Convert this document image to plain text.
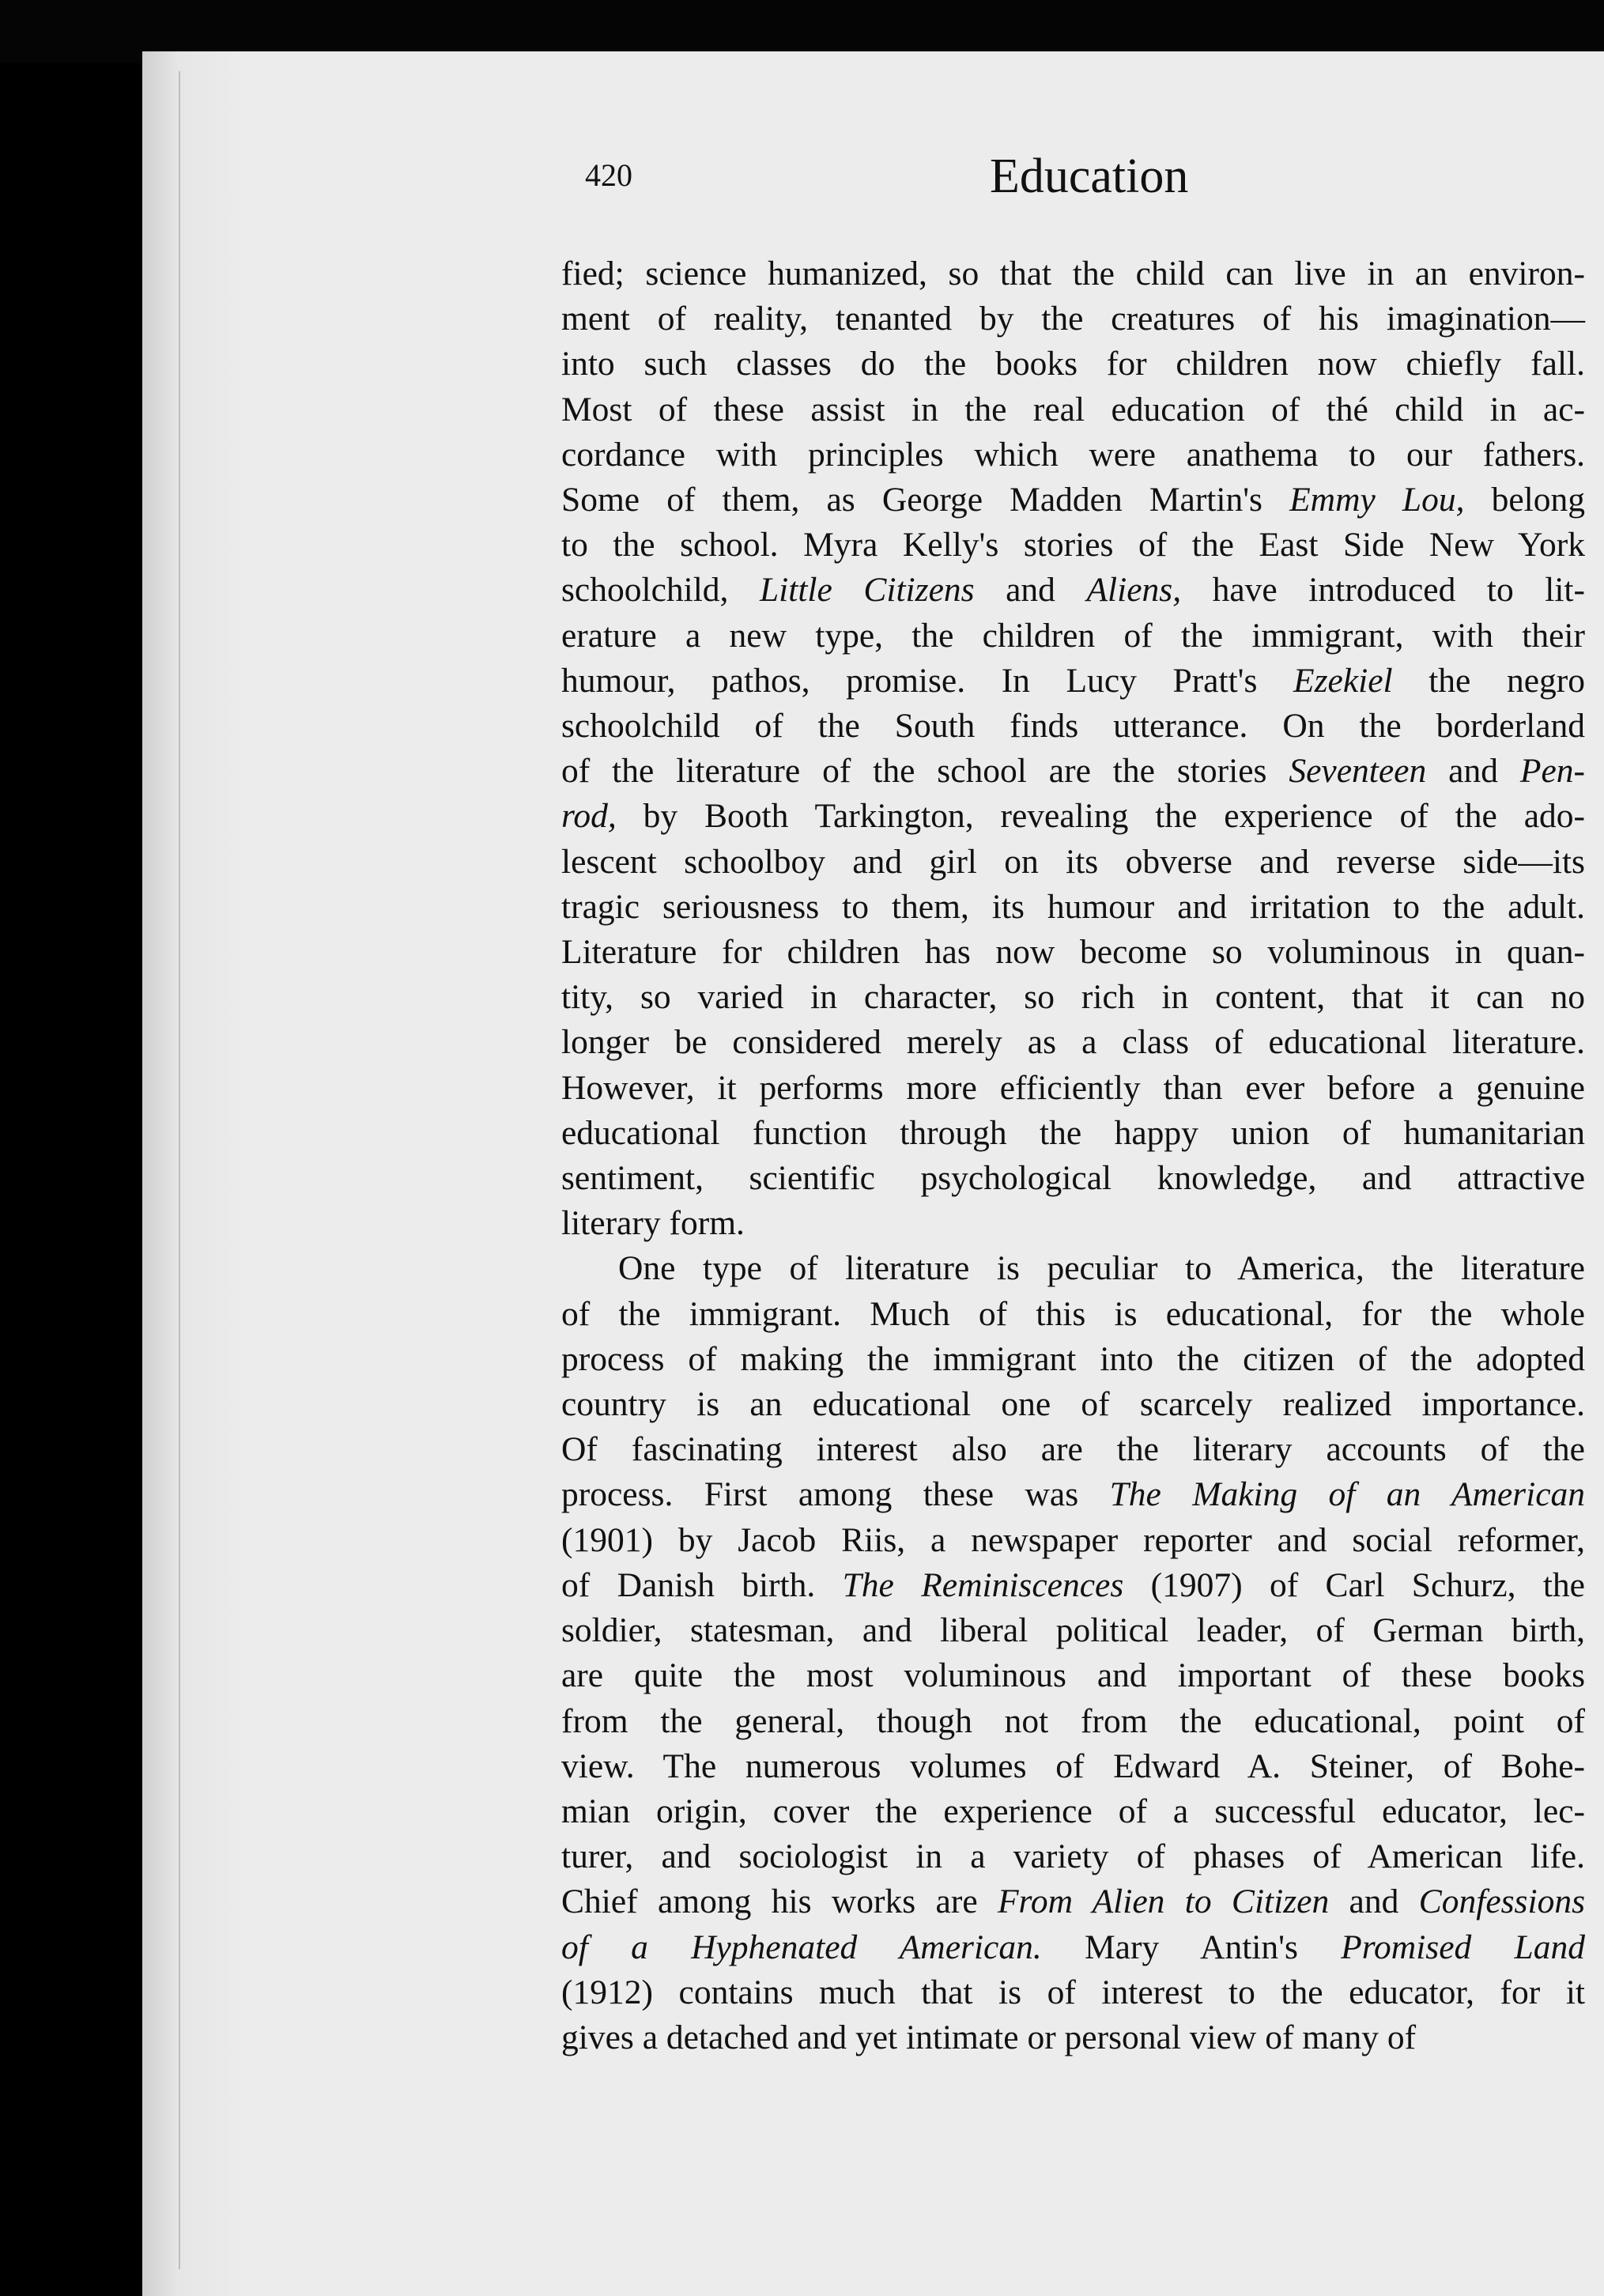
420	Education

fied; science humanized, so that the child can live in an environ-
ment of reality, tenanted by the creatures of his imagination—
into such classes do the books for children now chiefly fall.
Most of these assist in the real education of thé child in ac-
cordance with principles which were anathema to our fathers.
Some of them, as George Madden Martin's Emmy Lou, belong
to the school. Myra Kelly's stories of the East Side New York
schoolchild, Little Citizens and Aliens, have introduced to lit-
erature a new type, the children of the immigrant, with their
humour, pathos, promise. In Lucy Pratt's Ezekiel the negro
schoolchild of the South finds utterance. On the borderland
of the literature of the school are the stories Seventeen and Pen-
rod, by Booth Tarkington, revealing the experience of the ado-
lescent schoolboy and girl on its obverse and reverse side—its
tragic seriousness to them, its humour and irritation to the adult.
Literature for children has now become so voluminous in quan-
tity, so varied in character, so rich in content, that it can no
longer be considered merely as a class of educational literature.
However, it performs more efficiently than ever before a genuine
educational function through the happy union of humanitarian
sentiment, scientific psychological knowledge, and attractive
literary form.

One type of literature is peculiar to America, the literature
of the immigrant. Much of this is educational, for the whole
process of making the immigrant into the citizen of the adopted
country is an educational one of scarcely realized importance.
Of fascinating interest also are the literary accounts of the
process. First among these was The Making of an American
(1901) by Jacob Riis, a newspaper reporter and social reformer,
of Danish birth. The Reminiscences (1907) of Carl Schurz, the
soldier, statesman, and liberal political leader, of German birth,
are quite the most voluminous and important of these books
from the general, though not from the educational, point of
view. The numerous volumes of Edward A. Steiner, of Bohe-
mian origin, cover the experience of a successful educator, lec-
turer, and sociologist in a variety of phases of American life.
Chief among his works are From Alien to Citizen and Confessions
of a Hyphenated American. Mary Antin's Promised Land
(1912) contains much that is of interest to the educator, for it
gives a detached and yet intimate or personal view of many of
